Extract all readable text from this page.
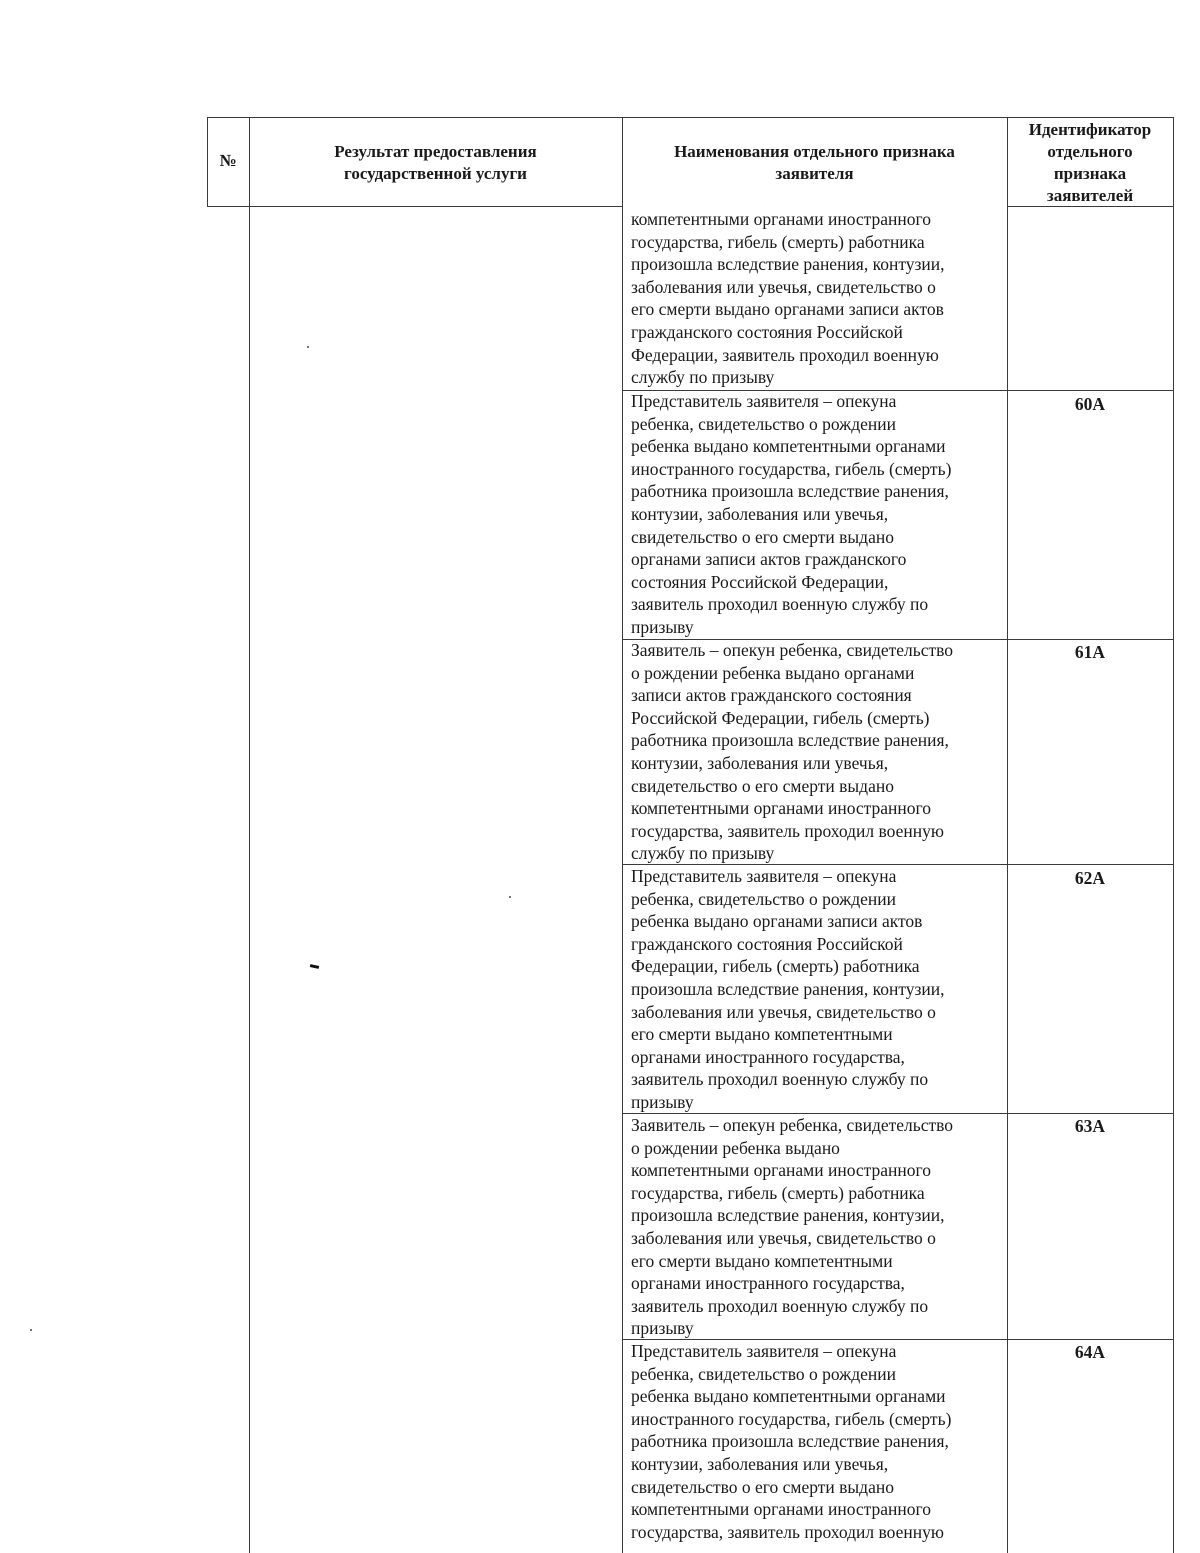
№	Результат предоставления
государственной услуги
Наименования отдельного признака
заявителя
Идентификатор
отдельного
признака
заявителей
компетентными органами иностранного
государства, гибель (смерть) работника
произошла вследствие ранения, контузии,
заболевания или увечья, свидетельство о
его смерти выдано органами записи актов
гражданского состояния Российской
Федерации, заявитель проходил военную
службу по призыву
Представитель заявителя – опекуна
ребенка, свидетельство о рождении
ребенка выдано компетентными органами
иностранного государства, гибель (смерть)
работника произошла вследствие ранения,
контузии, заболевания или увечья,
свидетельство о его смерти выдано
органами записи актов гражданского
состояния Российской Федерации,
заявитель проходил военную службу по
призыву
60А
Заявитель – опекун ребенка, свидетельство
о рождении ребенка выдано органами
записи актов гражданского состояния
Российской Федерации, гибель (смерть)
работника произошла вследствие ранения,
контузии, заболевания или увечья,
свидетельство о его смерти выдано
компетентными органами иностранного
государства, заявитель проходил военную
службу по призыву
61А
Представитель заявителя – опекуна
ребенка, свидетельство о рождении
ребенка выдано органами записи актов
гражданского состояния Российской
Федерации, гибель (смерть) работника
произошла вследствие ранения, контузии,
заболевания или увечья, свидетельство о
его смерти выдано компетентными
органами иностранного государства,
заявитель проходил военную службу по
призыву
62А
Заявитель – опекун ребенка, свидетельство
о рождении ребенка выдано
компетентными органами иностранного
государства, гибель (смерть) работника
произошла вследствие ранения, контузии,
заболевания или увечья, свидетельство о
его смерти выдано компетентными
органами иностранного государства,
заявитель проходил военную службу по
призыву
63А
Представитель заявителя – опекуна
ребенка, свидетельство о рождении
ребенка выдано компетентными органами
иностранного государства, гибель (смерть)
работника произошла вследствие ранения,
контузии, заболевания или увечья,
свидетельство о его смерти выдано
компетентными органами иностранного
государства, заявитель проходил военную
64А
